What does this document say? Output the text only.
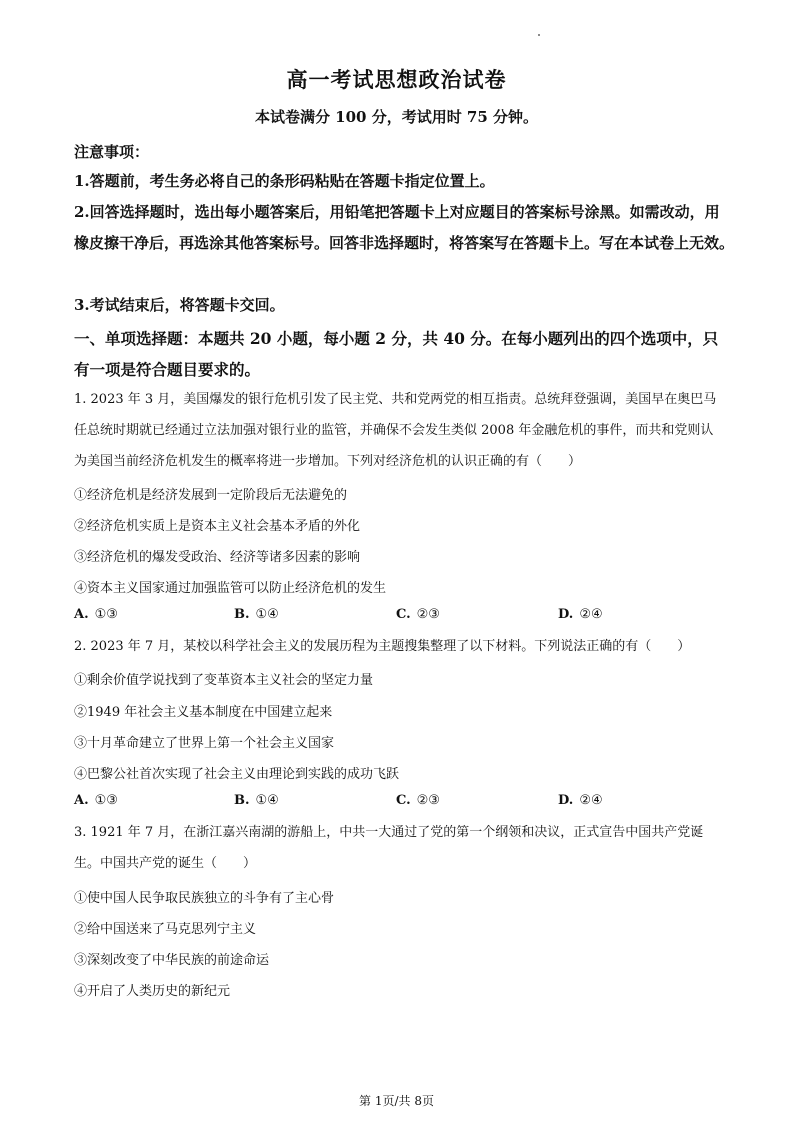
高一考试思想政治试卷
本试卷满分 100 分，考试用时 75 分钟。
注意事项：
1.答题前，考生务必将自己的条形码粘贴在答题卡指定位置上。
2.回答选择题时，选出每小题答案后，用铅笔把答题卡上对应题目的答案标号涂黑。如需改动，用橡皮擦干净后，再选涂其他答案标号。回答非选择题时，将答案写在答题卡上。写在本试卷上无效。
3.考试结束后，将答题卡交回。
一、单项选择题：本题共 20 小题，每小题 2 分，共 40 分。在每小题列出的四个选项中，只有一项是符合题目要求的。
1. 2023 年 3 月，美国爆发的银行危机引发了民主党、共和党两党的相互指责。总统拜登强调，美国早在奥巴马任总统时期就已经通过立法加强对银行业的监管，并确保不会发生类似 2008 年金融危机的事件，而共和党则认为美国当前经济危机发生的概率将进一步增加。下列对经济危机的认识正确的有（　　）
①经济危机是经济发展到一定阶段后无法避免的
②经济危机实质上是资本主义社会基本矛盾的外化
③经济危机的爆发受政治、经济等诸多因素的影响
④资本主义国家通过加强监管可以防止经济危机的发生
A. ①③	B. ①④	C. ②③	D. ②④
2. 2023 年 7 月，某校以科学社会主义的发展历程为主题搜集整理了以下材料。下列说法正确的有（　　）
①剩余价值学说找到了变革资本主义社会的坚定力量
②1949 年社会主义基本制度在中国建立起来
③十月革命建立了世界上第一个社会主义国家
④巴黎公社首次实现了社会主义由理论到实践的成功飞跃
A. ①③	B. ①④	C. ②③	D. ②④
3. 1921 年 7 月，在浙江嘉兴南湖的游船上，中共一大通过了党的第一个纲领和决议，正式宣告中国共产党诞生。中国共产党的诞生（　　）
①使中国人民争取民族独立的斗争有了主心骨
②给中国送来了马克思列宁主义
③深刻改变了中华民族的前途命运
④开启了人类历史的新纪元
第 1页/共 8页
